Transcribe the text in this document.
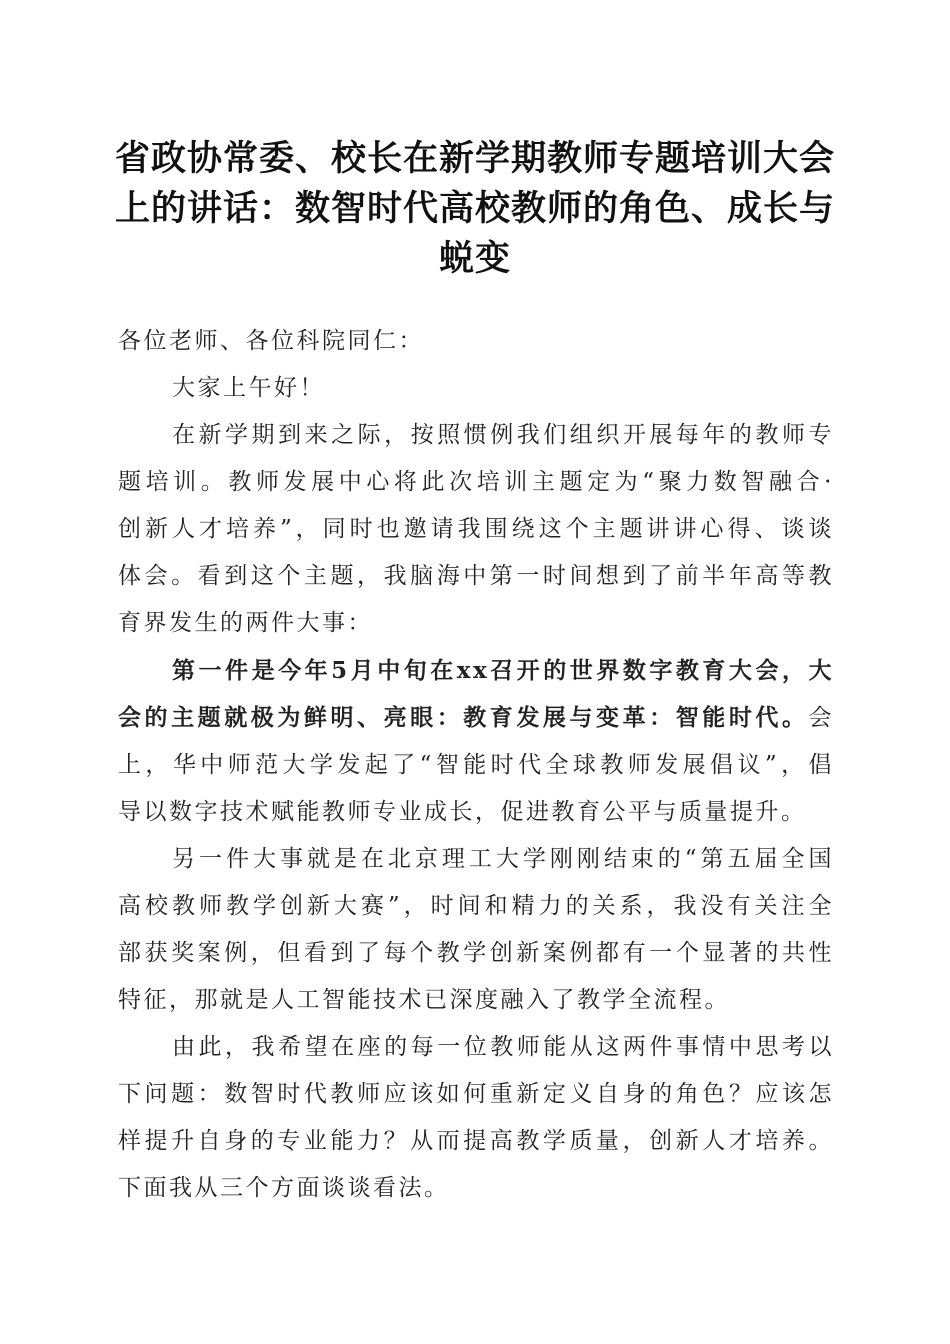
省政协常委、校长在新学期教师专题培训大会
上的讲话：数智时代高校教师的角色、成长与
蜕变

各位老师、各位科院同仁：

大家上午好！

在新学期到来之际，按照惯例我们组织开展每年的教师专
题培训。教师发展中心将此次培训主题定为“聚力数智融合·
创新人才培养”，同时也邀请我围绕这个主题讲讲心得、谈谈
体会。看到这个主题，我脑海中第一时间想到了前半年高等教
育界发生的两件大事：

第一件是今年5月中旬在xx召开的世界数字教育大会，大
会的主题就极为鲜明、亮眼：教育发展与变革：智能时代。会
上，华中师范大学发起了“智能时代全球教师发展倡议”，倡
导以数字技术赋能教师专业成长，促进教育公平与质量提升。

另一件大事就是在北京理工大学刚刚结束的“第五届全国
高校教师教学创新大赛”，时间和精力的关系，我没有关注全
部获奖案例，但看到了每个教学创新案例都有一个显著的共性
特征，那就是人工智能技术已深度融入了教学全流程。

由此，我希望在座的每一位教师能从这两件事情中思考以
下问题：数智时代教师应该如何重新定义自身的角色？应该怎
样提升自身的专业能力？从而提高教学质量，创新人才培养。
下面我从三个方面谈谈看法。
